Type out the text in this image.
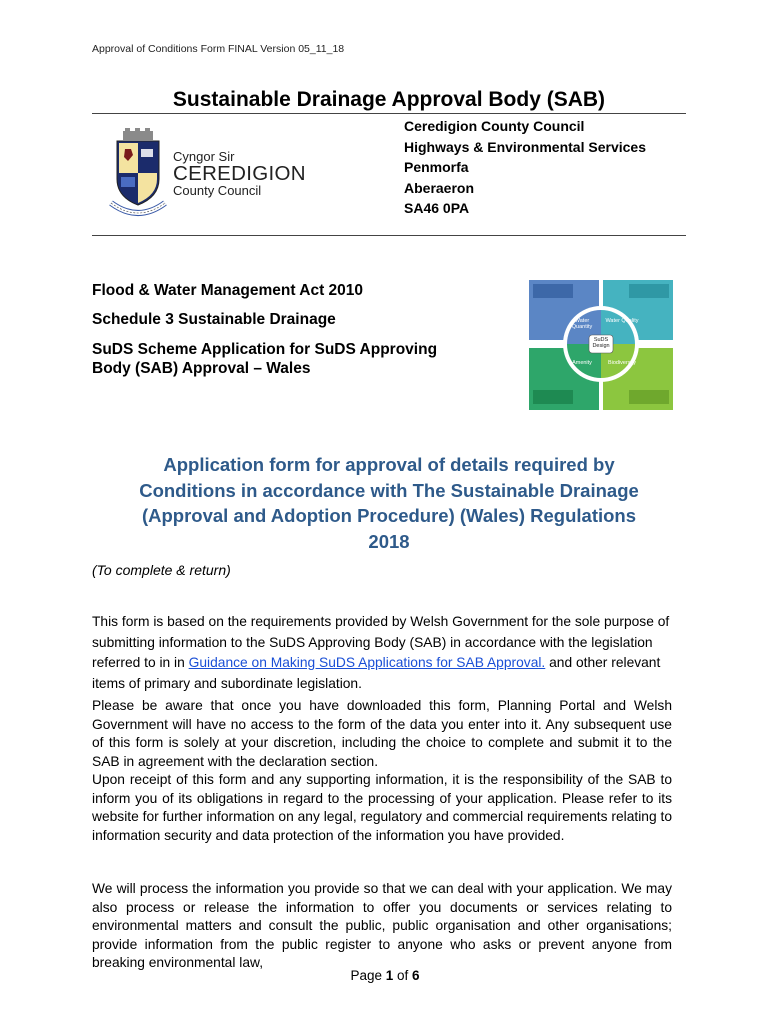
Approval of Conditions Form FINAL Version 05_11_18
Sustainable Drainage Approval Body (SAB)
Cyngor Sir
CEREDIGION
County Council
Ceredigion County Council
Highways & Environmental Services
Penmorfa
Aberaeron
SA46 0PA
Flood & Water Management Act 2010
Schedule 3 Sustainable Drainage
SuDS Scheme Application for SuDS Approving
Body (SAB) Approval – Wales
SuDS Design
Water Quantity
Water Quality
Amenity	Biodiversity
Application form for approval of details required by
Conditions in accordance with The Sustainable Drainage
(Approval and Adoption Procedure) (Wales) Regulations
2018
(To complete & return)
This form is based on the requirements provided by Welsh Government for the sole purpose of submitting information to the SuDS Approving Body (SAB) in accordance with the legislation referred to in in Guidance on Making SuDS Applications for SAB Approval. and other relevant items of primary and subordinate legislation.
Please be aware that once you have downloaded this form, Planning Portal and Welsh Government will have no access to the form of the data you enter into it. Any subsequent use of this form is solely at your discretion, including the choice to complete and submit it to the SAB in agreement with the declaration section.
Upon receipt of this form and any supporting information, it is the responsibility of the SAB to inform you of its obligations in regard to the processing of your application. Please refer to its website for further information on any legal, regulatory and commercial requirements relating to information security and data protection of the information you have provided.
We will process the information you provide so that we can deal with your application. We may also process or release the information to offer you documents or services relating to environmental matters and consult the public, public organisation and other organisations; provide information from the public register to anyone who asks or prevent anyone from breaking environmental law,
Page 1 of 6
